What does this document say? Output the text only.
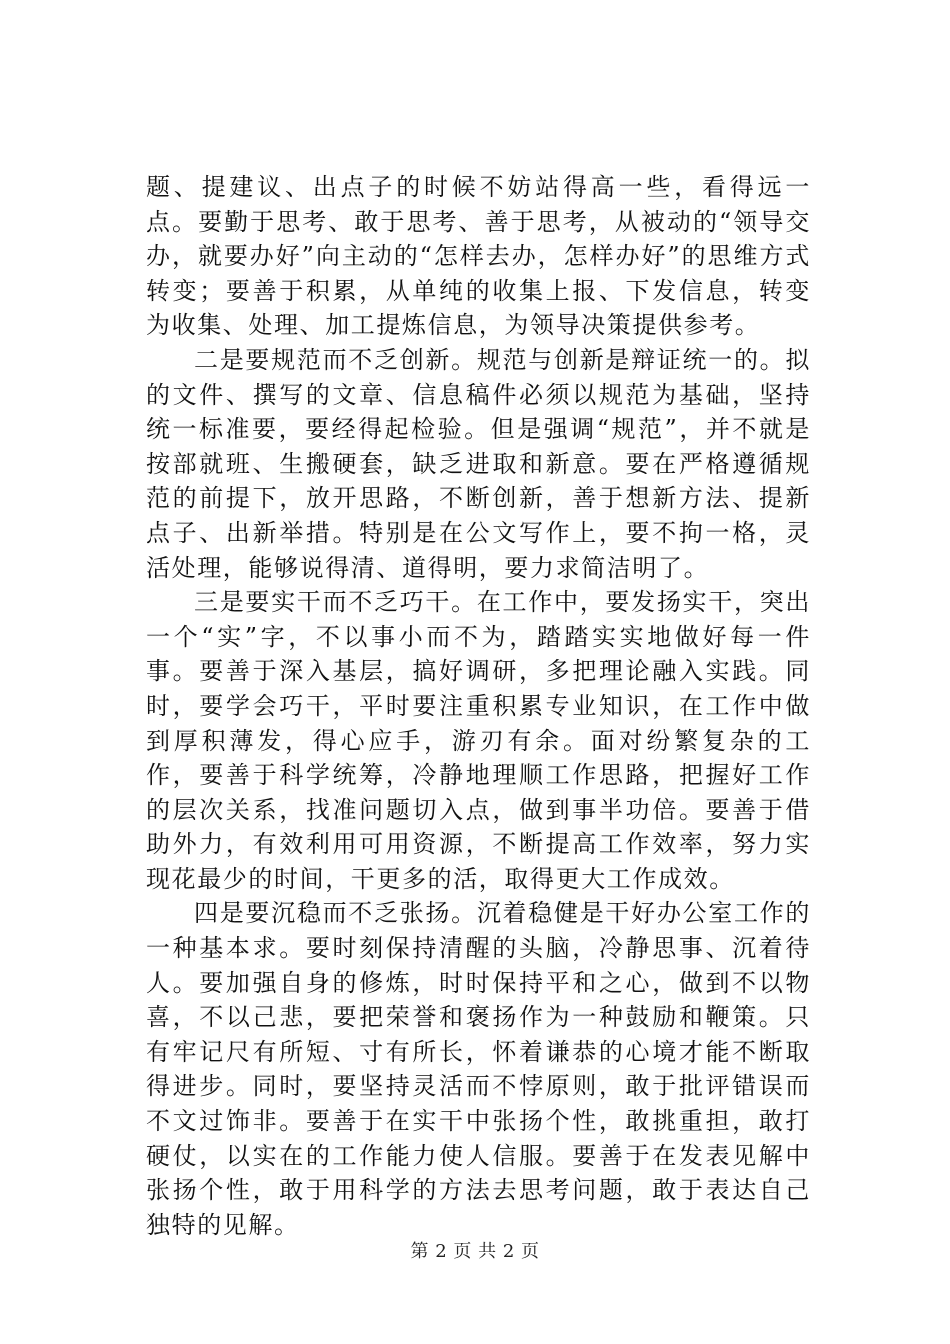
题、提建议、出点子的时候不妨站得高一些，看得远一点。要勤于思考、敢于思考、善于思考，从被动的“领导交办，就要办好”向主动的“怎样去办，怎样办好”的思维方式转变；要善于积累，从单纯的收集上报、下发信息，转变为收集、处理、加工提炼信息，为领导决策提供参考。

二是要规范而不乏创新。规范与创新是辩证统一的。拟的文件、撰写的文章、信息稿件必须以规范为基础，坚持统一标准要，要经得起检验。但是强调“规范”，并不就是按部就班、生搬硬套，缺乏进取和新意。要在严格遵循规范的前提下，放开思路，不断创新，善于想新方法、提新点子、出新举措。特别是在公文写作上，要不拘一格，灵活处理，能够说得清、道得明，要力求简洁明了。

三是要实干而不乏巧干。在工作中，要发扬实干，突出一个“实”字，不以事小而不为，踏踏实实地做好每一件事。要善于深入基层，搞好调研，多把理论融入实践。同时，要学会巧干，平时要注重积累专业知识，在工作中做到厚积薄发，得心应手，游刃有余。面对纷繁复杂的工作，要善于科学统筹，冷静地理顺工作思路，把握好工作的层次关系，找准问题切入点，做到事半功倍。要善于借助外力，有效利用可用资源，不断提高工作效率，努力实现花最少的时间，干更多的活，取得更大工作成效。

四是要沉稳而不乏张扬。沉着稳健是干好办公室工作的一种基本求。要时刻保持清醒的头脑，冷静思事、沉着待人。要加强自身的修炼，时时保持平和之心，做到不以物喜，不以己悲，要把荣誉和褒扬作为一种鼓励和鞭策。只有牢记尺有所短、寸有所长，怀着谦恭的心境才能不断取得进步。同时，要坚持灵活而不悖原则，敢于批评错误而不文过饰非。要善于在实干中张扬个性，敢挑重担，敢打硬仗，以实在的工作能力使人信服。要善于在发表见解中张扬个性，敢于用科学的方法去思考问题，敢于表达自己独特的见解。

第 2 页 共 2 页
